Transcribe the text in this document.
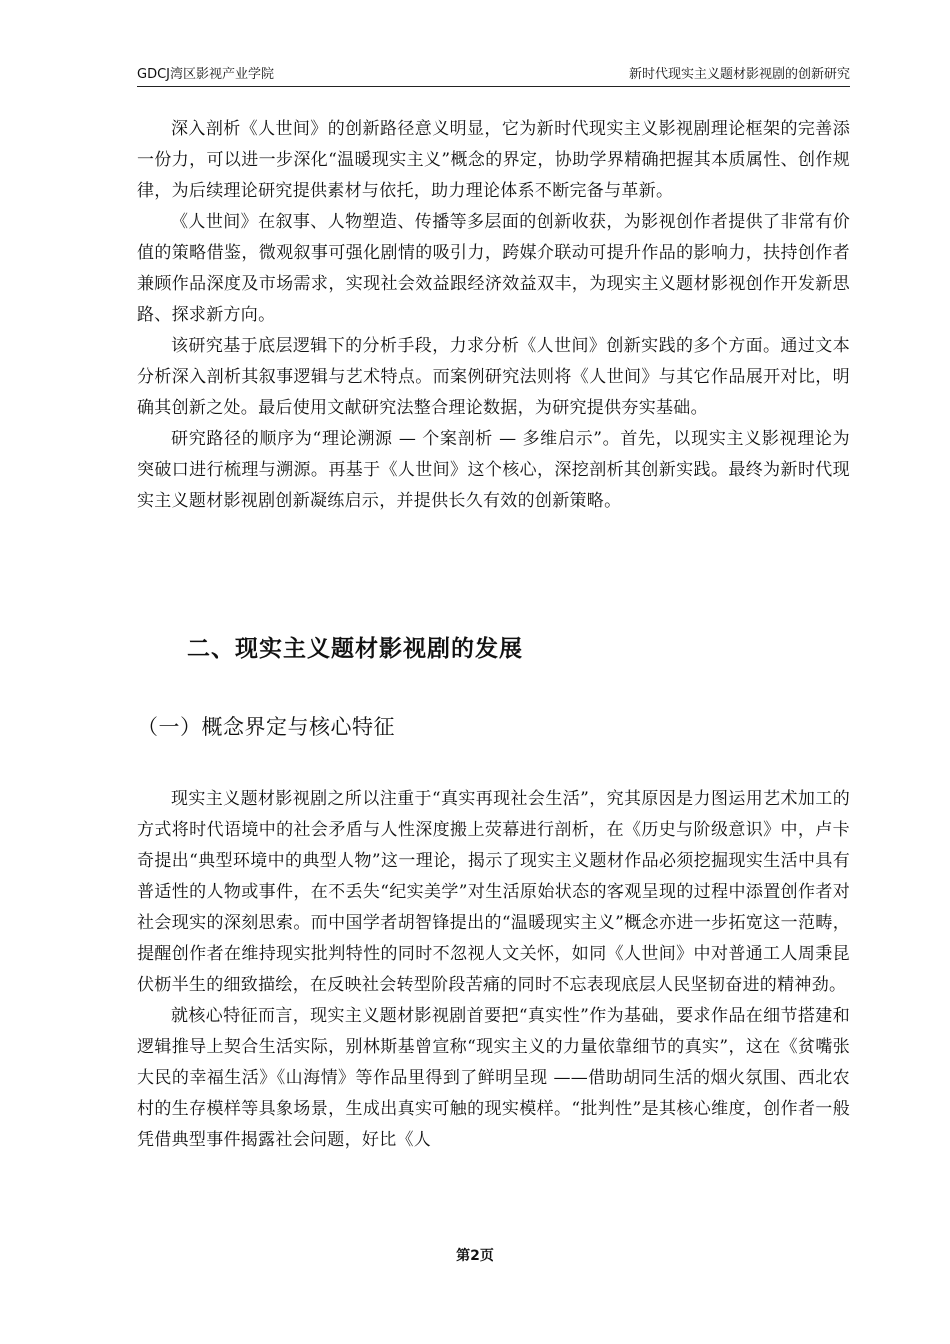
GDCJ湾区影视产业学院	新时代现实主义题材影视剧的创新研究

深入剖析《人世间》的创新路径意义明显，它为新时代现实主义影视剧理论框架的完善添一份力，可以进一步深化“温暖现实主义”概念的界定，协助学界精确把握其本质属性、创作规律，为后续理论研究提供素材与依托，助力理论体系不断完备与革新。

《人世间》在叙事、人物塑造、传播等多层面的创新收获，为影视创作者提供了非常有价值的策略借鉴，微观叙事可强化剧情的吸引力，跨媒介联动可提升作品的影响力，扶持创作者兼顾作品深度及市场需求，实现社会效益跟经济效益双丰，为现实主义题材影视创作开发新思路、探求新方向。

该研究基于底层逻辑下的分析手段，力求分析《人世间》创新实践的多个方面。通过文本分析深入剖析其叙事逻辑与艺术特点。而案例研究法则将《人世间》与其它作品展开对比，明确其创新之处。最后使用文献研究法整合理论数据，为研究提供夯实基础。

研究路径的顺序为“理论溯源 — 个案剖析 — 多维启示”。首先，以现实主义影视理论为突破口进行梳理与溯源。再基于《人世间》这个核心，深挖剖析其创新实践。最终为新时代现实主义题材影视剧创新凝练启示，并提供长久有效的创新策略。

二、现实主义题材影视剧的发展
（一）概念界定与核心特征

现实主义题材影视剧之所以注重于“真实再现社会生活”，究其原因是力图运用艺术加工的方式将时代语境中的社会矛盾与人性深度搬上荧幕进行剖析，在《历史与阶级意识》中，卢卡奇提出“典型环境中的典型人物”这一理论，揭示了现实主义题材作品必须挖掘现实生活中具有普适性的人物或事件，在不丢失“纪实美学”对生活原始状态的客观呈现的过程中添置创作者对社会现实的深刻思索。而中国学者胡智锋提出的“温暖现实主义”概念亦进一步拓宽这一范畴，提醒创作者在维持现实批判特性的同时不忽视人文关怀，如同《人世间》中对普通工人周秉昆伏枥半生的细致描绘，在反映社会转型阶段苦痛的同时不忘表现底层人民坚韧奋进的精神劲。

就核心特征而言，现实主义题材影视剧首要把“真实性”作为基础，要求作品在细节搭建和逻辑推导上契合生活实际，别林斯基曾宣称“现实主义的力量依靠细节的真实”，这在《贫嘴张大民的幸福生活》《山海情》等作品里得到了鲜明呈现 ——借助胡同生活的烟火氛围、西北农村的生存模样等具象场景，生成出真实可触的现实模样。“批判性”是其核心维度，创作者一般凭借典型事件揭露社会问题，好比《人

第2页
